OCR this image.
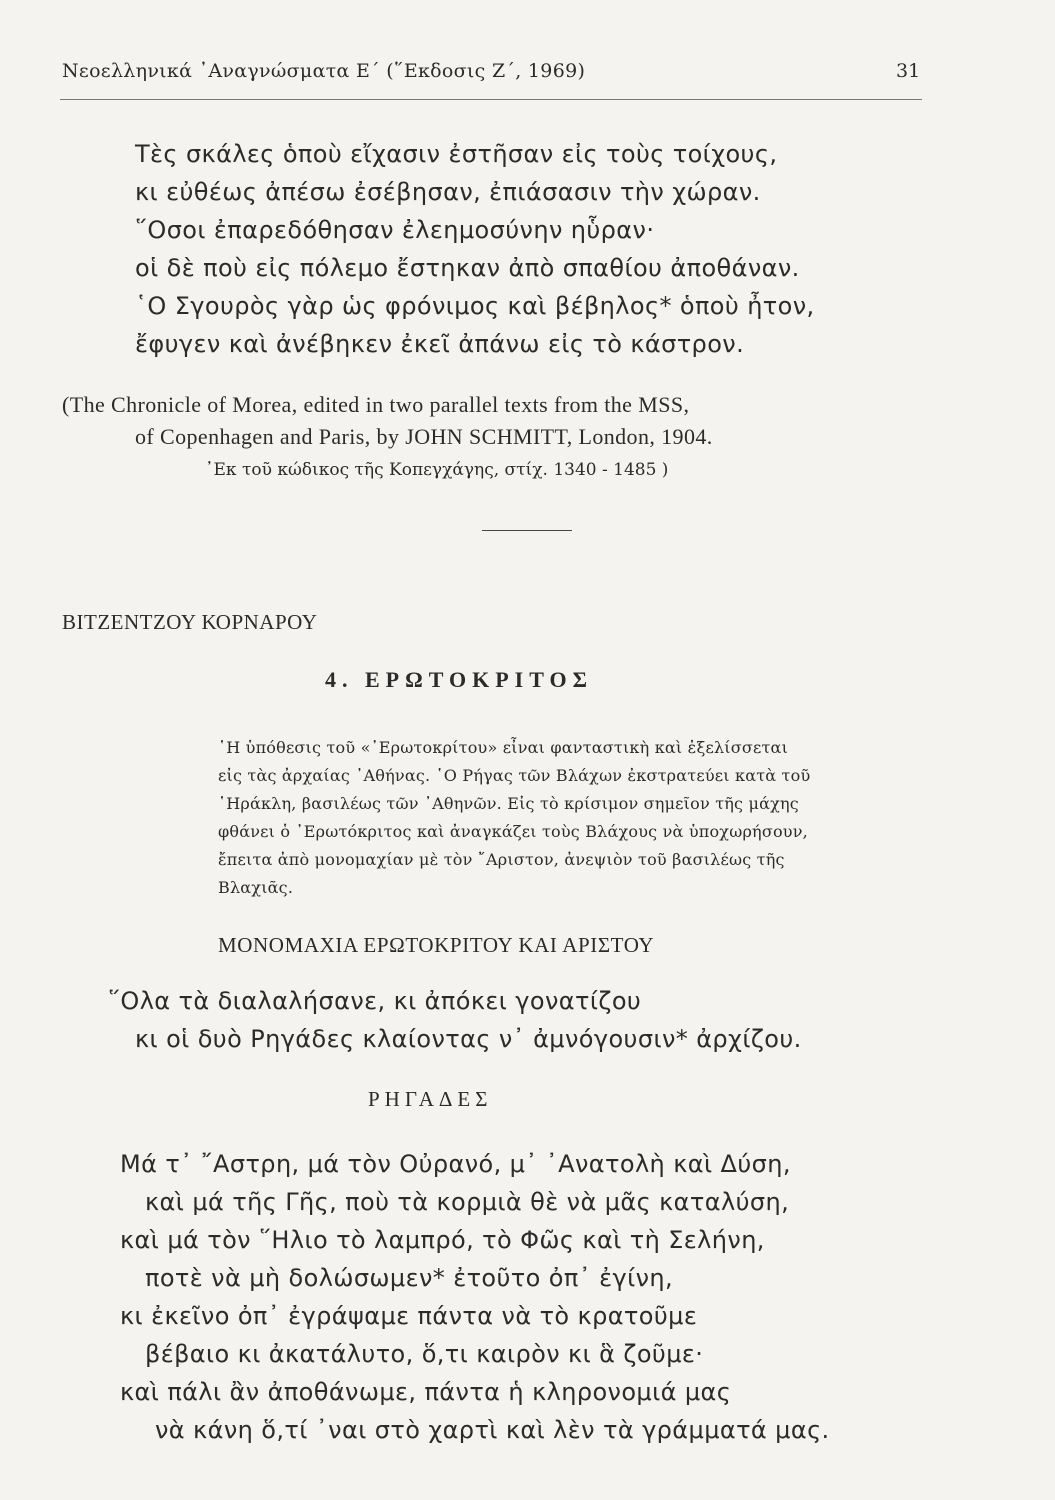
Νεοελληνικά ᾿Αναγνώσματα Ε΄ (῞Εκδοσις Ζ΄, 1969)	31
Τὲς σκάλες ὁποὺ εἴχασιν ἐστῆσαν εἰς τοὺς τοίχους,
κι εὐθέως ἀπέσω ἐσέβησαν, ἐπιάσασιν τὴν χώραν.
῞Οσοι ἐπαρεδόθησαν ἐλεημοσύνην ηὗραν·
οἱ δὲ ποὺ εἰς πόλεμο ἔστηκαν ἀπὸ σπαθίου ἀποθάναν.
῾Ο Σγουρὸς γὰρ ὡς φρόνιμος καὶ βέβηλος* ὁποὺ ἦτον,
ἔφυγεν καὶ ἀνέβηκεν ἐκεῖ ἀπάνω εἰς τὸ κάστρον.
(The Chronicle of Morea, edited in two parallel texts from the MSS,
of Copenhagen and Paris, by JOHN SCHMITT, London, 1904.
᾿Εκ τοῦ κώδικος τῆς Κοπεγχάγης, στίχ. 1340 - 1485 )
ΒΙΤΖΕΝΤΖΟΥ ΚΟΡΝΑΡΟΥ
4. ΕΡΩΤΟΚΡΙΤΟΣ
῾Η ὑπόθεσις τοῦ «᾿Ερωτοκρίτου» εἶναι φανταστικὴ καὶ ἐξελίσσεται
εἰς τὰς ἀρχαίας ᾿Αθήνας. ῾Ο Ρήγας τῶν Βλάχων ἐκστρατεύει κατὰ τοῦ
῾Ηράκλη, βασιλέως τῶν ᾿Αθηνῶν. Εἰς τὸ κρίσιμον σημεῖον τῆς μάχης
φθάνει ὁ ᾿Ερωτόκριτος καὶ ἀναγκάζει τοὺς Βλάχους νὰ ὑποχωρήσουν,
ἔπειτα ἀπὸ μονομαχίαν μὲ τὸν ῎Αριστον, ἀνεψιὸν τοῦ βασιλέως τῆς
Βλαχιᾶς.
ΜΟΝΟΜΑΧΙΑ ΕΡΩΤΟΚΡΙΤΟΥ ΚΑΙ ΑΡΙΣΤΟΥ
῞Ολα τὰ διαλαλήσανε, κι ἀπόκει γονατίζου
κι οἱ δυὸ Ρηγάδες κλαίοντας ν᾿ ἀμνόγουσιν* ἀρχίζου.
ΡΗΓΑΔΕΣ
Μά τ᾿ ῎Αστρη, μά τὸν Οὐρανό, μ᾿ ᾿Ανατολὴ καὶ Δύση,
καὶ μά τῆς Γῆς, ποὺ τὰ κορμιὰ θὲ νὰ μᾶς καταλύση,
καὶ μά τὸν ῞Ηλιο τὸ λαμπρό, τὸ Φῶς καὶ τὴ Σελήνη,
ποτὲ νὰ μὴ δολώσωμεν* ἐτοῦτο ὀπ᾿ ἐγίνη,
κι ἐκεῖνο ὀπ᾿ ἐγράψαμε πάντα νὰ τὸ κρατοῦμε
βέβαιο κι ἀκατάλυτο, ὅ,τι καιρὸν κι ἃ ζοῦμε·
καὶ πάλι ἂν ἀποθάνωμε, πάντα ἡ κληρονομιά μας
νὰ κάνη ὅ,τί ᾿ναι στὸ χαρτὶ καὶ λὲν τὰ γράμματά μας.
